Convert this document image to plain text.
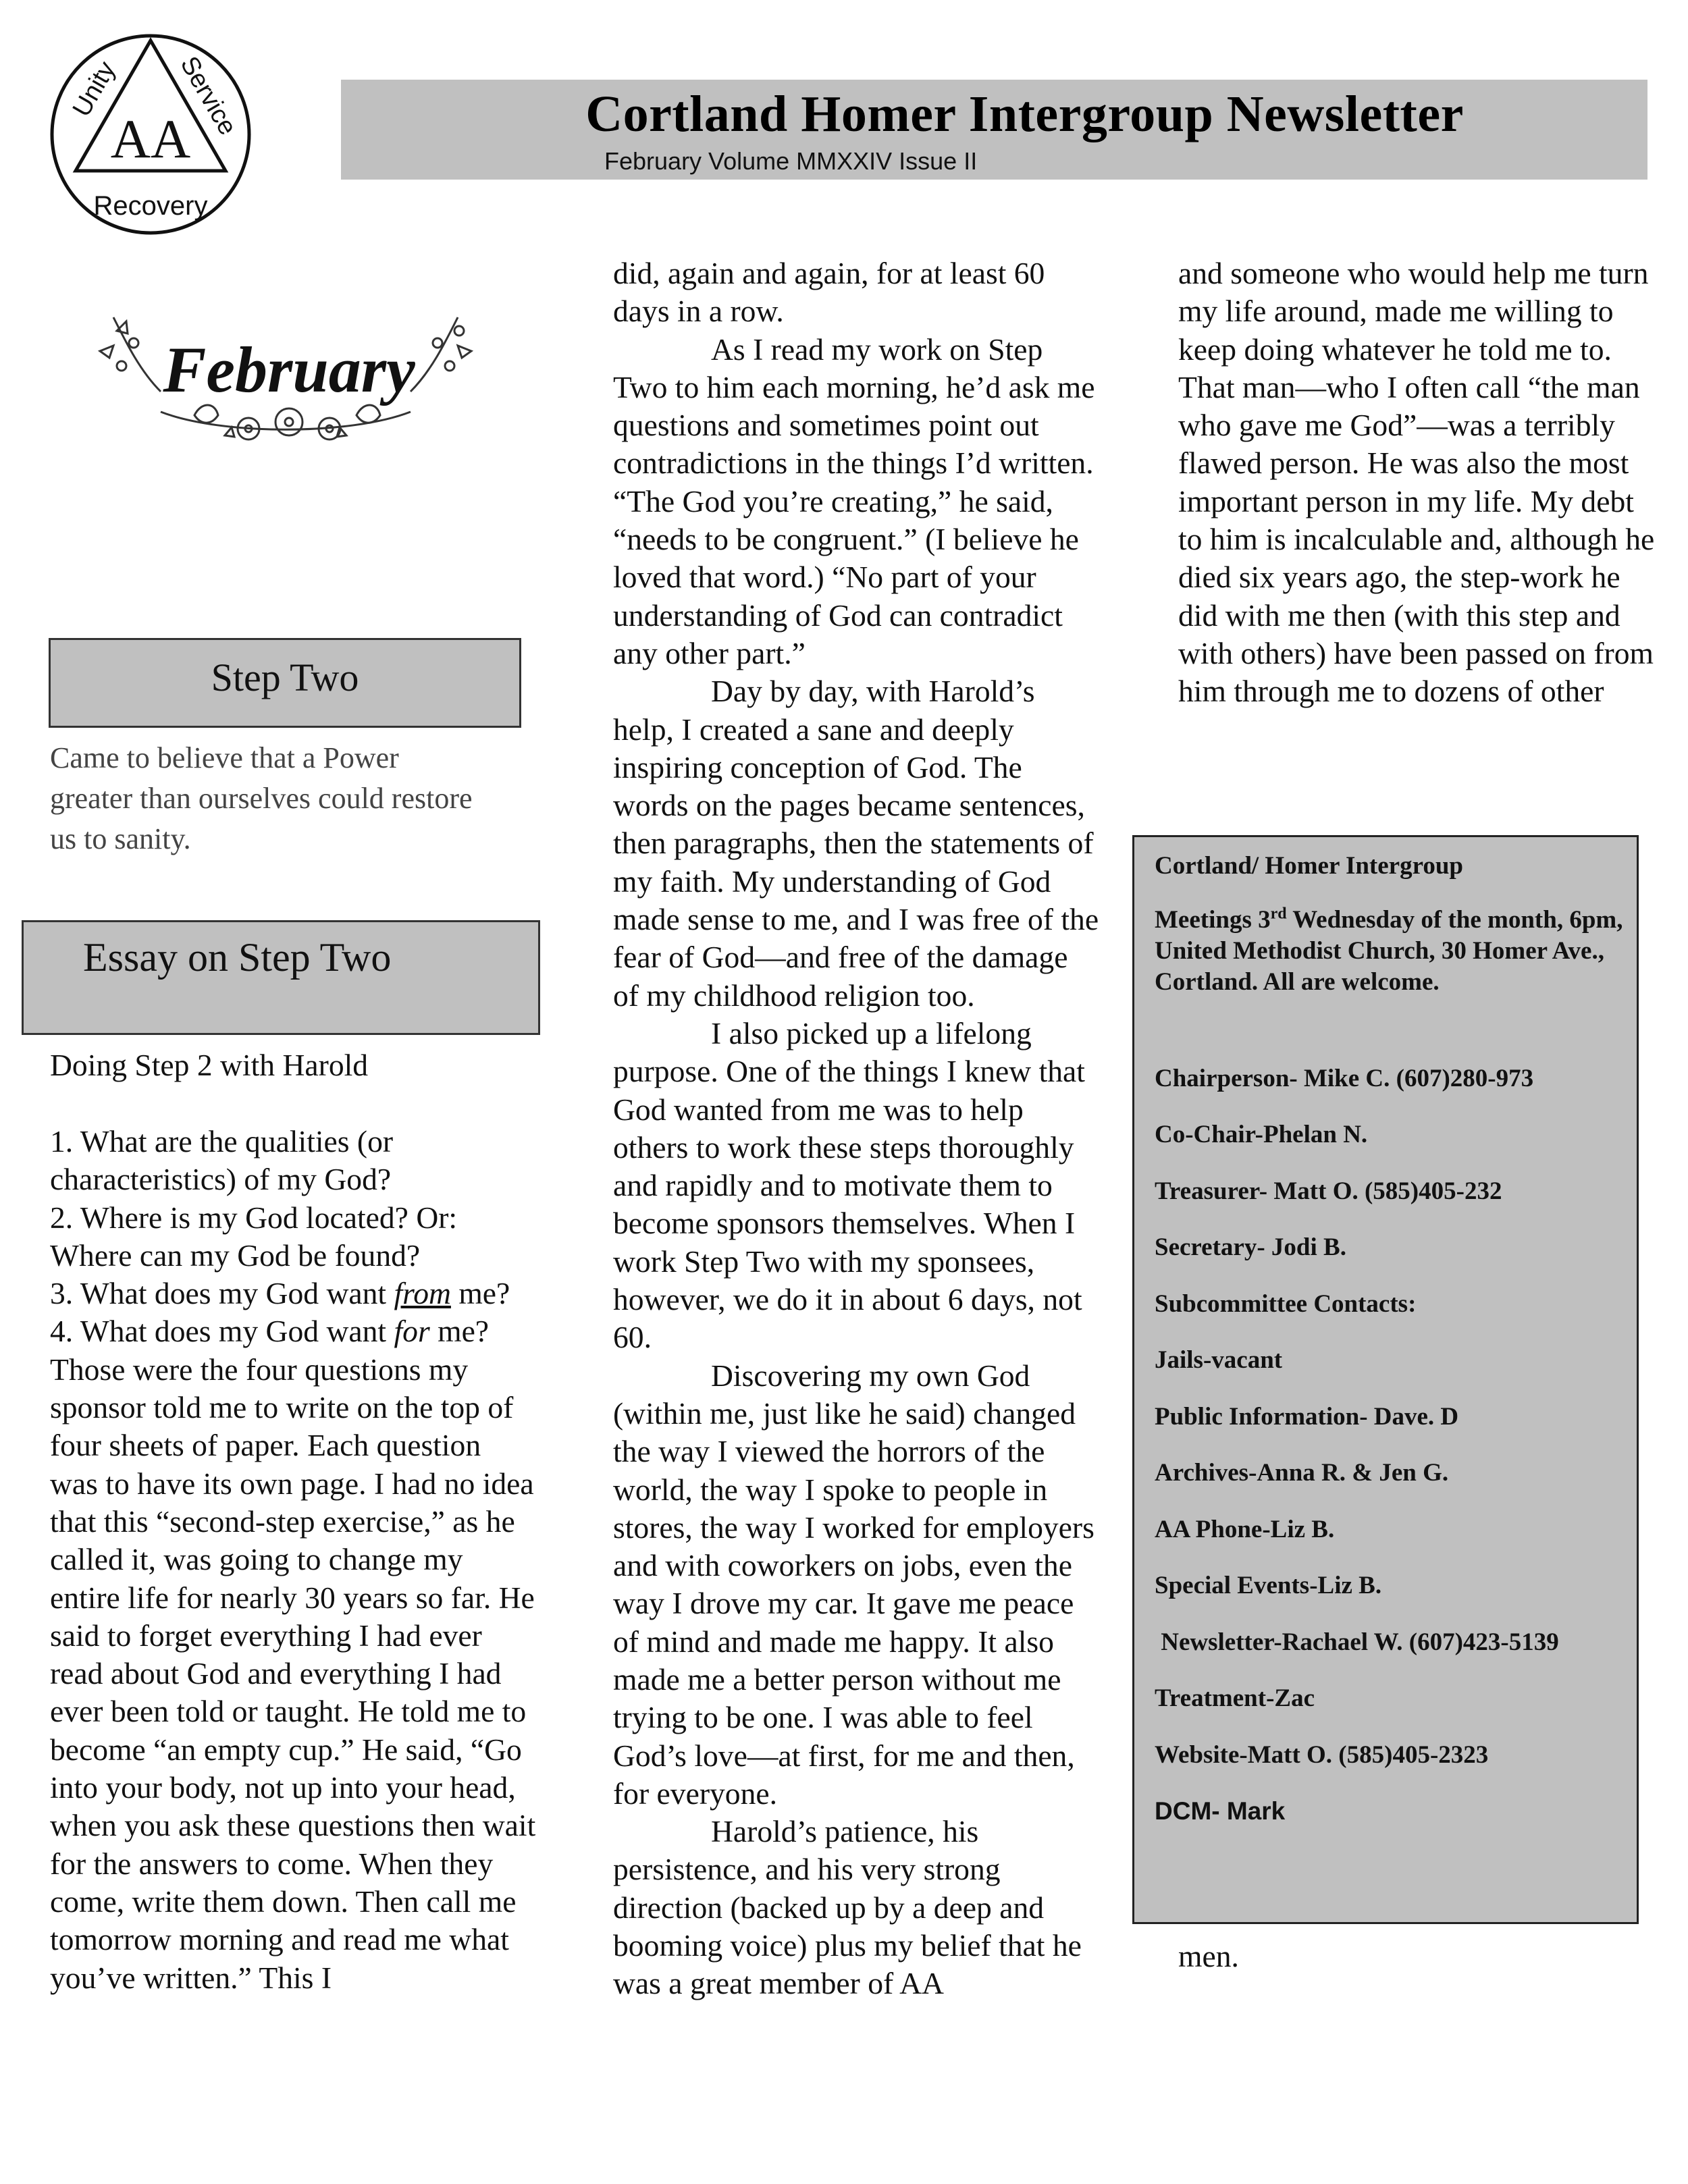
AA
Unity Service
Recovery
Cortland Homer Intergroup Newsletter
February Volume MMXXIV Issue II
February
Step Two
Came to believe that a Power greater than ourselves could restore us to sanity.
Essay on Step Two
Doing Step 2 with Harold

1. What are the qualities (or characteristics) of my God?

2. Where is my God located? Or: Where can my God be found?

3. What does my God want from me?

4. What does my God want for me?

Those were the four questions my sponsor told me to write on the top of four sheets of paper. Each question was to have its own page. I had no idea that this “second-step exercise,” as he called it, was going to change my entire life for nearly 30 years so far. He said to forget everything I had ever read about God and everything I had ever been told or taught. He told me to become “an empty cup.” He said, “Go into your body, not up into your head, when you ask these questions then wait for the answers to come. When they come, write them down. Then call me tomorrow morning and read me what you’ve written.” This I

did, again and again, for at least 60 days in a row.

As I read my work on Step Two to him each morning, he’d ask me questions and sometimes point out contradictions in the things I’d written. “The God you’re creating,” he said, “needs to be congruent.” (I believe he loved that word.) “No part of your understanding of God can contradict any other part.”

Day by day, with Harold’s help, I created a sane and deeply inspiring conception of God. The words on the pages became sentences, then paragraphs, then the statements of my faith. My understanding of God made sense to me, and I was free of the fear of God—and free of the damage of my childhood religion too.

I also picked up a lifelong purpose. One of the things I knew that God wanted from me was to help others to work these steps thoroughly and rapidly and to motivate them to become sponsors themselves. When I work Step Two with my sponsees, however, we do it in about 6 days, not 60.

Discovering my own God (within me, just like he said) changed the way I viewed the horrors of the world, the way I spoke to people in stores, the way I worked for employers and with coworkers on jobs, even the way I drove my car. It gave me peace of mind and made me happy. It also made me a better person without me trying to be one. I was able to feel God’s love—at first, for me and then, for everyone.

Harold’s patience, his persistence, and his very strong direction (backed up by a deep and booming voice) plus my belief that he was a great member of AA

and someone who would help me turn my life around, made me willing to keep doing whatever he told me to. That man—who I often call “the man who gave me God”—was a terribly flawed person. He was also the most important person in my life. My debt to him is incalculable and, although he died six years ago, the step-work he did with me then (with this step and with others) have been passed on from him through me to dozens of other

men.
Cortland/ Homer Intergroup
Meetings 3rd Wednesday of the month, 6pm, United Methodist Church, 30 Homer Ave., Cortland. All are welcome.
Chairperson- Mike C. (607)280-973
Co-Chair-Phelan N.
Treasurer- Matt O. (585)405-232
Secretary- Jodi B.
Subcommittee Contacts:
Jails-vacant
Public Information- Dave. D
Archives-Anna R. & Jen G.
AA Phone-Liz B.
Special Events-Liz B.
Newsletter-Rachael W. (607)423-5139
Treatment-Zac
Website-Matt O. (585)405-2323
DCM- Mark
